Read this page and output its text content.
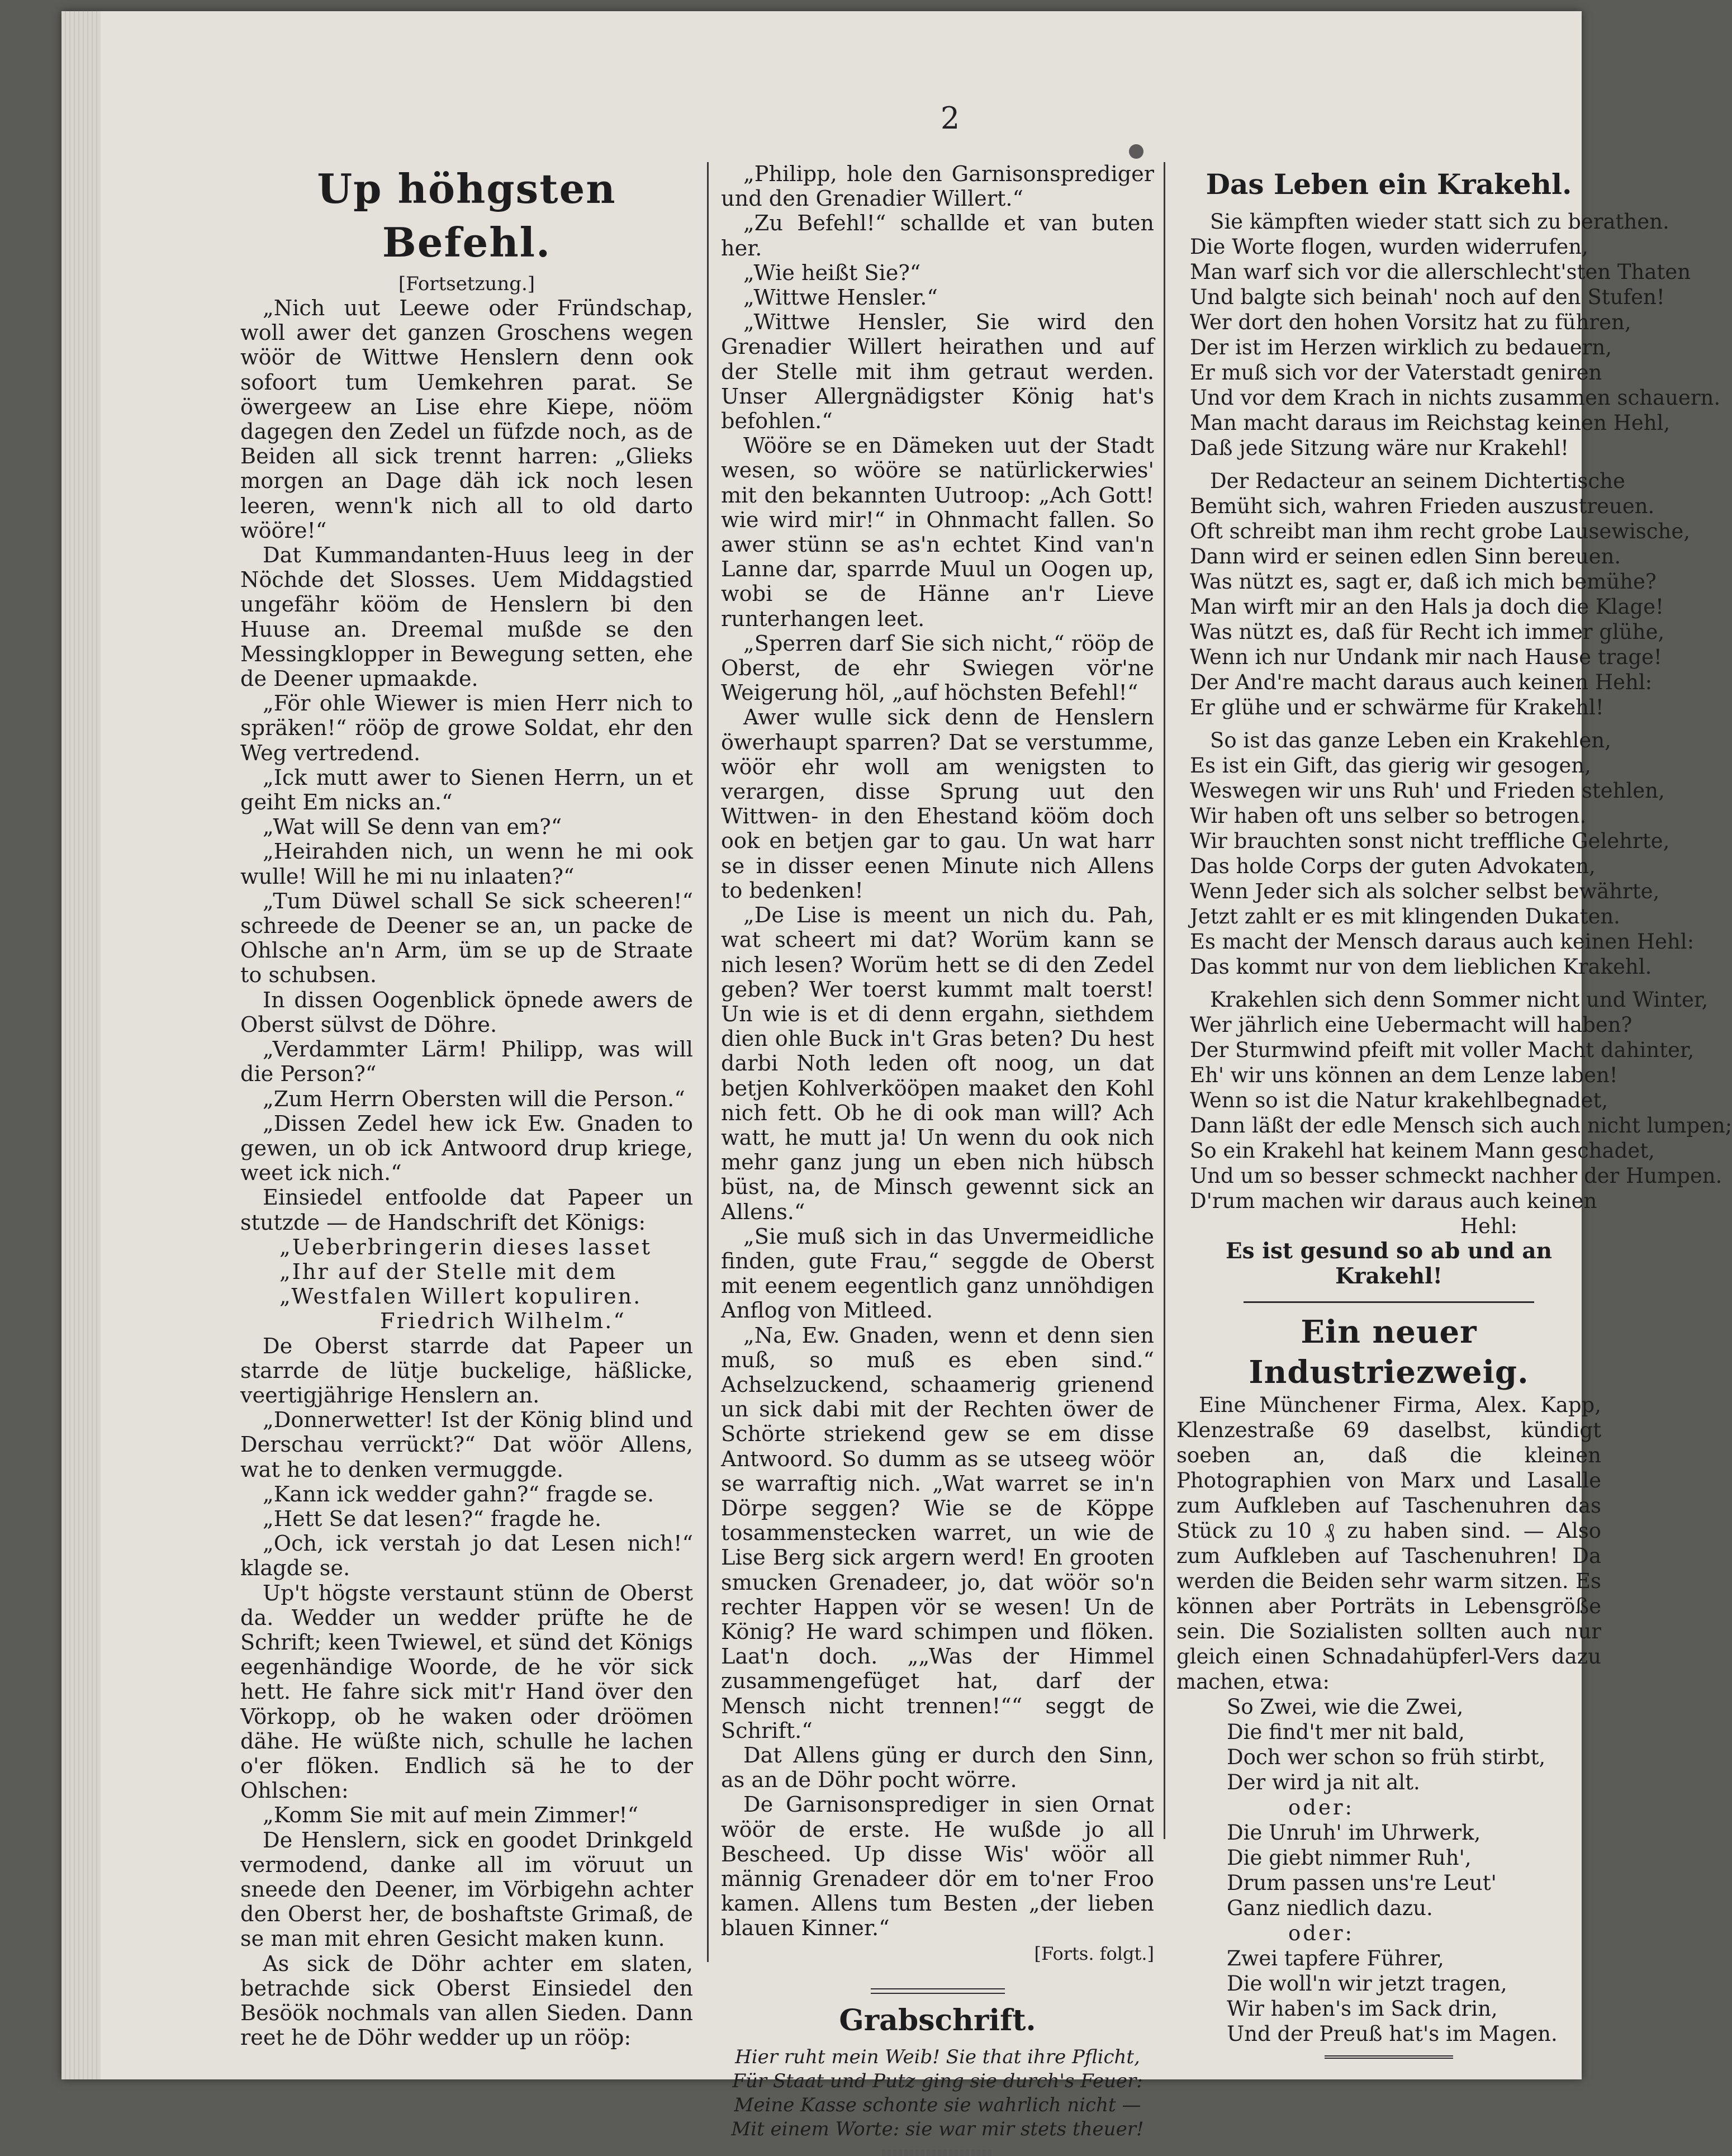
2
Up höhgsten Befehl.
[Fortsetzung.]

„Nich uut Leewe oder Fründschap, woll awer det ganzen Groschens wegen wöör de Wittwe Henslern denn ook sofoort tum Uemkehren parat. Se öwergeew an Lise ehre Kiepe, nööm dagegen den Zedel un füfzde noch, as de Beiden all sick trennt harren: „Glieks morgen an Dage däh ick noch lesen leeren, wenn'k nich all to old darto wööre!“

Dat Kummandanten-Huus leeg in der Nöchde det Slosses. Uem Middagstied ungefähr kööm de Henslern bi den Huuse an. Dreemal mußde se den Messingklopper in Bewegung setten, ehe de Deener upmaakde.

„För ohle Wiewer is mien Herr nich to spräken!“ rööp de growe Soldat, ehr den Weg vertredend.

„Ick mutt awer to Sienen Herrn, un et geiht Em nicks an.“

„Wat will Se denn van em?“

„Heirahden nich, un wenn he mi ook wulle! Will he mi nu inlaaten?“

„Tum Düwel schall Se sick scheeren!“ schreede de Deener se an, un packe de Ohlsche an'n Arm, üm se up de Straate to schubsen.

In dissen Oogenblick öpnede awers de Oberst sülvst de Döhre.

„Verdammter Lärm! Philipp, was will die Person?“

„Zum Herrn Obersten will die Person.“

„Dissen Zedel hew ick Ew. Gnaden to gewen, un ob ick Antwoord drup kriege, weet ick nich.“

Einsiedel entfoolde dat Papeer un stutzde — de Handschrift det Königs:

„Ueberbringerin dieses lasset
„Ihr auf der Stelle mit dem
„Westfalen Willert kopuliren.
Friedrich Wilhelm.“

De Oberst starrde dat Papeer un starrde de lütje buckelige, häßlicke, veertigjährige Henslern an.

„Donnerwetter! Ist der König blind und Derschau verrückt?“ Dat wöör Allens, wat he to denken vermuggde.

„Kann ick wedder gahn?“ fragde se.

„Hett Se dat lesen?“ fragde he.

„Och, ick verstah jo dat Lesen nich!“ klagde se.

Up't högste verstaunt stünn de Oberst da. Wedder un wedder prüfte he de Schrift; keen Twiewel, et sünd det Königs eegenhändige Woorde, de he vör sick hett. He fahre sick mit'r Hand över den Vörkopp, ob he waken oder dröömen dähe. He wüßte nich, schulle he lachen o'er flöken. Endlich sä he to der Ohlschen:

„Komm Sie mit auf mein Zimmer!“

De Henslern, sick en goodet Drinkgeld vermodend, danke all im vöruut un sneede den Deener, im Vörbigehn achter den Oberst her, de boshaftste Grimaß, de se man mit ehren Gesicht maken kunn.

As sick de Döhr achter em slaten, betrachde sick Oberst Einsiedel den Besöök nochmals van allen Sieden. Dann reet he de Döhr wedder up un rööp:

„Philipp, hole den Garnisonsprediger und den Grenadier Willert.“

„Zu Befehl!“ schallde et van buten her.

„Wie heißt Sie?“

„Wittwe Hensler.“

„Wittwe Hensler, Sie wird den Grenadier Willert heirathen und auf der Stelle mit ihm getraut werden. Unser Allergnädigster König hat's befohlen.“

Wööre se en Dämeken uut der Stadt wesen, so wööre se natürlickerwies' mit den bekannten Uutroop: „Ach Gott! wie wird mir!“ in Ohnmacht fallen. So awer stünn se as'n echtet Kind van'n Lanne dar, sparrde Muul un Oogen up, wobi se de Hänne an'r Lieve runterhangen leet.

„Sperren darf Sie sich nicht,“ rööp de Oberst, de ehr Swiegen vör'ne Weigerung höl, „auf höchsten Befehl!“

Awer wulle sick denn de Henslern öwerhaupt sparren? Dat se verstumme, wöör ehr woll am wenigsten to verargen, disse Sprung uut den Wittwen- in den Ehestand kööm doch ook en betjen gar to gau. Un wat harr se in disser eenen Minute nich Allens to bedenken!

„De Lise is meent un nich du. Pah, wat scheert mi dat? Worüm kann se nich lesen? Worüm hett se di den Zedel geben? Wer toerst kummt malt toerst! Un wie is et di denn ergahn, siethdem dien ohle Buck in't Gras beten? Du hest darbi Noth leden oft noog, un dat betjen Kohlverkööpen maaket den Kohl nich fett. Ob he di ook man will? Ach watt, he mutt ja! Un wenn du ook nich mehr ganz jung un eben nich hübsch büst, na, de Minsch gewennt sick an Allens.“

„Sie muß sich in das Unvermeidliche finden, gute Frau,“ seggde de Oberst mit eenem eegentlich ganz unnöhdigen Anflog von Mitleed.

„Na, Ew. Gnaden, wenn et denn sien muß, so muß es eben sind.“ Achselzuckend, schaamerig grienend un sick dabi mit der Rechten öwer de Schörte striekend gew se em disse Antwoord. So dumm as se utseeg wöör se warraftig nich. „Wat warret se in'n Dörpe seggen? Wie se de Köppe tosammenstecken warret, un wie de Lise Berg sick argern werd! En grooten smucken Grenadeer, jo, dat wöör so'n rechter Happen vör se wesen! Un de König? He ward schimpen und flöken. Laat'n doch. „„Was der Himmel zusammengefüget hat, darf der Mensch nicht trennen!““ seggt de Schrift.“

Dat Allens güng er durch den Sinn, as an de Döhr pocht wörre.

De Garnisonsprediger in sien Ornat wöör de erste. He wußde jo all Bescheed. Up disse Wis' wöör all männig Grenadeer dör em to'ner Froo kamen. Allens tum Besten „der lieben blauen Kinner.“

[Forts. folgt.]
Grabschrift.
Hier ruht mein Weib! Sie that ihre Pflicht,
Für Staat und Putz ging sie durch's Feuer:
Meine Kasse schonte sie wahrlich nicht —
Mit einem Worte: sie war mir stets theuer!
Das Leben ein Krakehl.
Sie kämpften wieder statt sich zu berathen.
Die Worte flogen, wurden widerrufen,
Man warf sich vor die allerschlecht'sten Thaten
Und balgte sich beinah' noch auf den Stufen!
Wer dort den hohen Vorsitz hat zu führen,
Der ist im Herzen wirklich zu bedauern,
Er muß sich vor der Vaterstadt geniren
Und vor dem Krach in nichts zusammen schauern.
Man macht daraus im Reichstag keinen Hehl,
Daß jede Sitzung wäre nur Krakehl!
Der Redacteur an seinem Dichtertische
Bemüht sich, wahren Frieden auszustreuen.
Oft schreibt man ihm recht grobe Lausewische,
Dann wird er seinen edlen Sinn bereuen.
Was nützt es, sagt er, daß ich mich bemühe?
Man wirft mir an den Hals ja doch die Klage!
Was nützt es, daß für Recht ich immer glühe,
Wenn ich nur Undank mir nach Hause trage!
Der And're macht daraus auch keinen Hehl:
Er glühe und er schwärme für Krakehl!
So ist das ganze Leben ein Krakehlen,
Es ist ein Gift, das gierig wir gesogen,
Weswegen wir uns Ruh' und Frieden stehlen,
Wir haben oft uns selber so betrogen.
Wir brauchten sonst nicht treffliche Gelehrte,
Das holde Corps der guten Advokaten,
Wenn Jeder sich als solcher selbst bewährte,
Jetzt zahlt er es mit klingenden Dukaten.
Es macht der Mensch daraus auch keinen Hehl:
Das kommt nur von dem lieblichen Krakehl.
Krakehlen sich denn Sommer nicht und Winter,
Wer jährlich eine Uebermacht will haben?
Der Sturmwind pfeift mit voller Macht dahinter,
Eh' wir uns können an dem Lenze laben!
Wenn so ist die Natur krakehlbegnadet,
Dann läßt der edle Mensch sich auch nicht lumpen;
So ein Krakehl hat keinem Mann geschadet,
Und um so besser schmeckt nachher der Humpen.
D'rum machen wir daraus auch keinen
Hehl:
Es ist gesund so ab und an Krakehl!
Ein neuer Industriezweig.

Eine Münchener Firma, Alex. Kapp, Klenzestraße 69 daselbst, kündigt soeben an, daß die kleinen Photographien von Marx und Lasalle zum Aufkleben auf Taschenuhren das Stück zu 10 ₰ zu haben sind. — Also zum Aufkleben auf Taschenuhren! Da werden die Beiden sehr warm sitzen. Es können aber Porträts in Lebensgröße sein. Die Sozialisten sollten auch nur gleich einen Schnadahüpferl-Vers dazu machen, etwa:

So Zwei, wie die Zwei,
Die find't mer nit bald,
Doch wer schon so früh stirbt,
Der wird ja nit alt.
oder:
Die Unruh' im Uhrwerk,
Die giebt nimmer Ruh',
Drum passen uns're Leut'
Ganz niedlich dazu.
oder:
Zwei tapfere Führer,
Die woll'n wir jetzt tragen,
Wir haben's im Sack drin,
Und der Preuß hat's im Magen.
